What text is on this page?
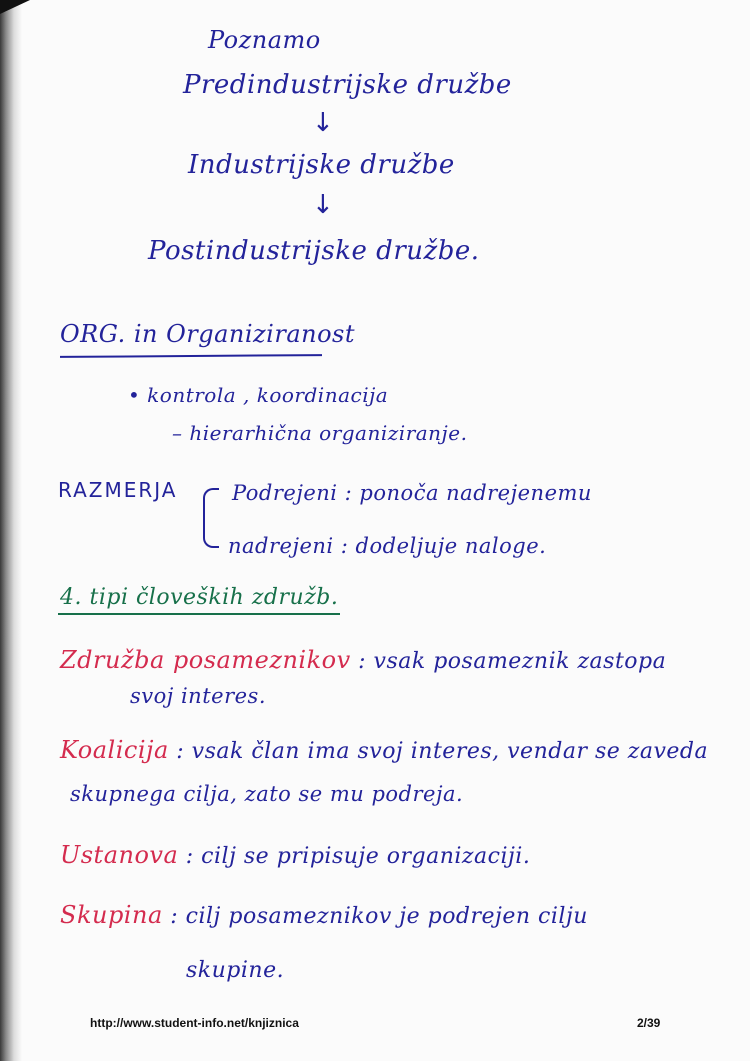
Poznamo
Predindustrijske družbe
↓
Industrijske družbe
↓
Postindustrijske družbe.
ORG. in Organiziranost
• kontrola , koordinacija
– hierarhična organiziranje.
RAZMERJA	Podrejeni : ponoča nadrejenemu
nadrejeni : dodeljuje naloge.
4. tipi človeških združb.
Združba posameznikov : vsak posameznik zastopa
svoj interes.
Koalicija : vsak član ima svoj interes, vendar se zaveda
skupnega cilja, zato se mu podreja.
Ustanova : cilj se pripisuje organizaciji.
Skupina : cilj posameznikov je podrejen cilju
skupine.
http://www.student-info.net/knjiznica	2/39
